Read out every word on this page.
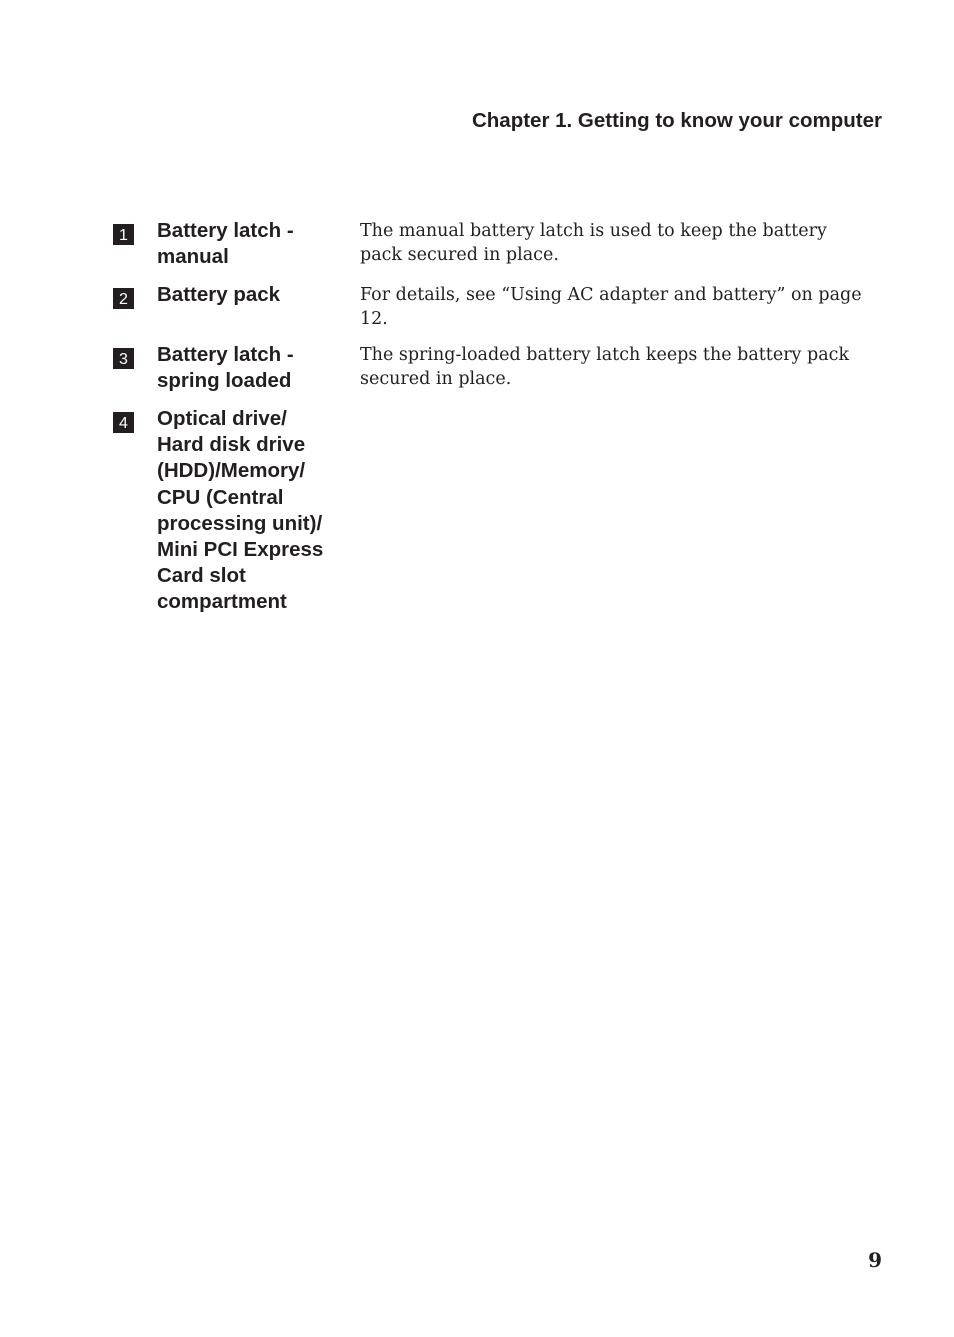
Chapter 1. Getting to know your computer
1 Battery latch -
manual
The manual battery latch is used to keep the battery pack secured in place.
2 Battery pack	For details, see “Using AC adapter and battery” on page 12.
3 Battery latch -
spring loaded
The spring-loaded battery latch keeps the battery pack secured in place.
4 Optical drive/
Hard disk drive
(HDD)/Memory/
CPU (Central
processing unit)/
Mini PCI Express
Card slot
compartment
9
